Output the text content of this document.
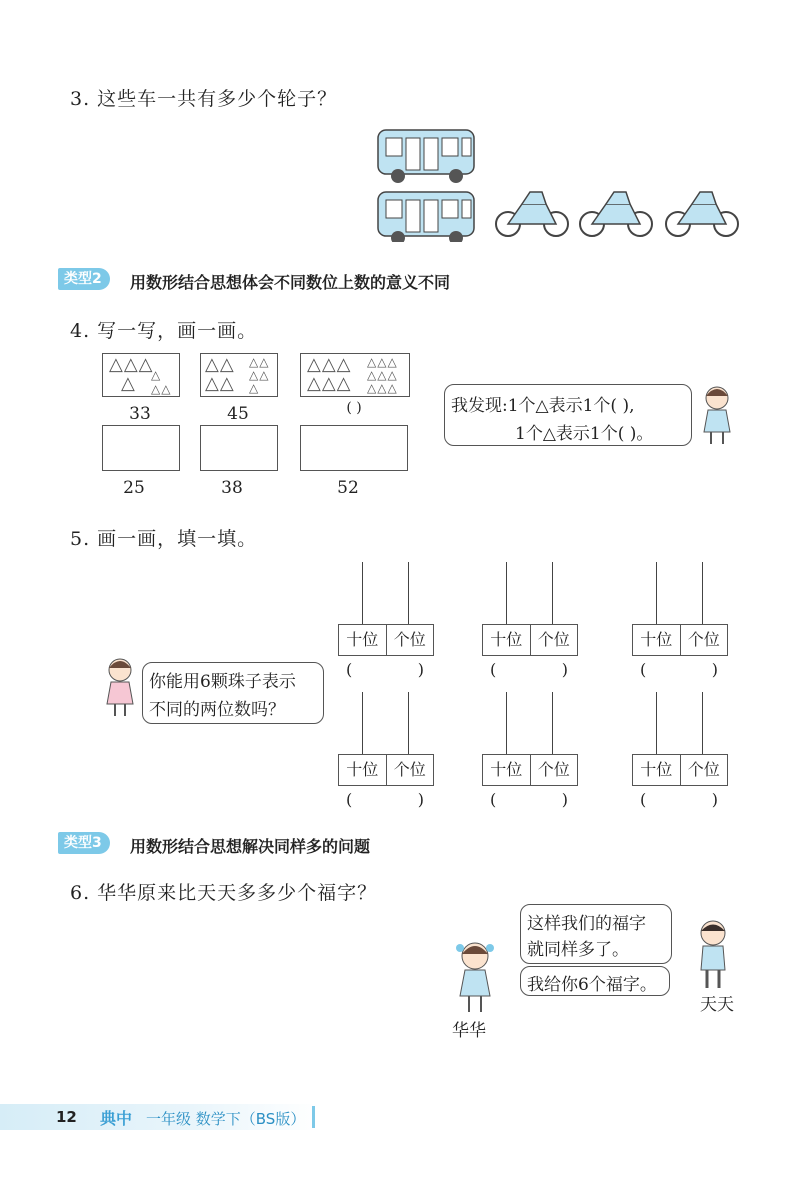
3. 这些车一共有多少个轮子？
类型2	用数形结合思想体会不同数位上数的意义不同
4. 写一写，画一画。
△△△
△ △
△△
△△
△△
△△
△△
△
△△△
△△△
△△△
△△△
△△△
33	45	( )
25	38	52
我发现:1个△表示1个( ),
1个△表示1个( )。
5. 画一画，填一填。
你能用6颗珠子表示
不同的两位数吗？
十位 个位
(	)
十位 个位
(	)
十位 个位
(	)
十位 个位
(	)
十位 个位
(	)
十位 个位
(	)
类型3	用数形结合思想解决同样多的问题
6. 华华原来比天天多多少个福字？
这样我们的福字
就同样多了。
我给你6个福字。
华华
天天
12 典中 一年级 数学下（BS版）
